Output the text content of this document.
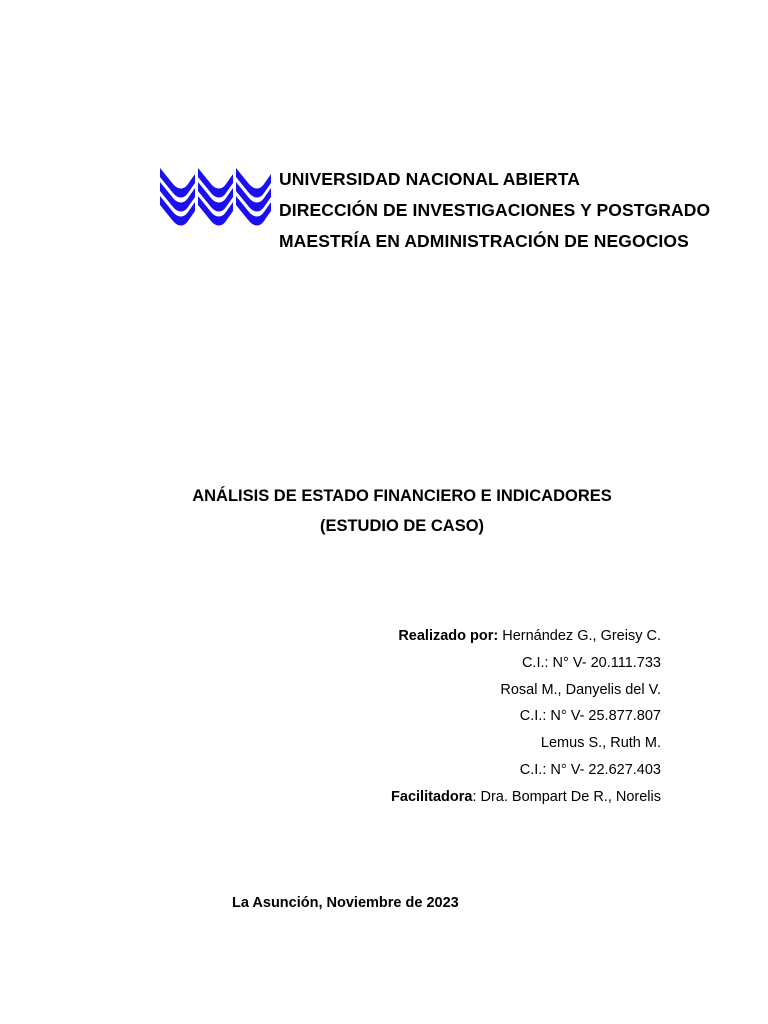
UNIVERSIDAD NACIONAL ABIERTA
DIRECCIÓN DE INVESTIGACIONES Y POSTGRADO
MAESTRÍA EN ADMINISTRACIÓN DE NEGOCIOS
ANÁLISIS DE ESTADO FINANCIERO E INDICADORES
(ESTUDIO DE CASO)
Realizado por: Hernández G., Greisy C.
C.I.: N° V- 20.111.733
Rosal M., Danyelis del V.
C.I.: N° V- 25.877.807
Lemus S., Ruth M.
C.I.: N° V- 22.627.403
Facilitadora: Dra. Bompart De R., Norelis
La Asunción, Noviembre de 2023
